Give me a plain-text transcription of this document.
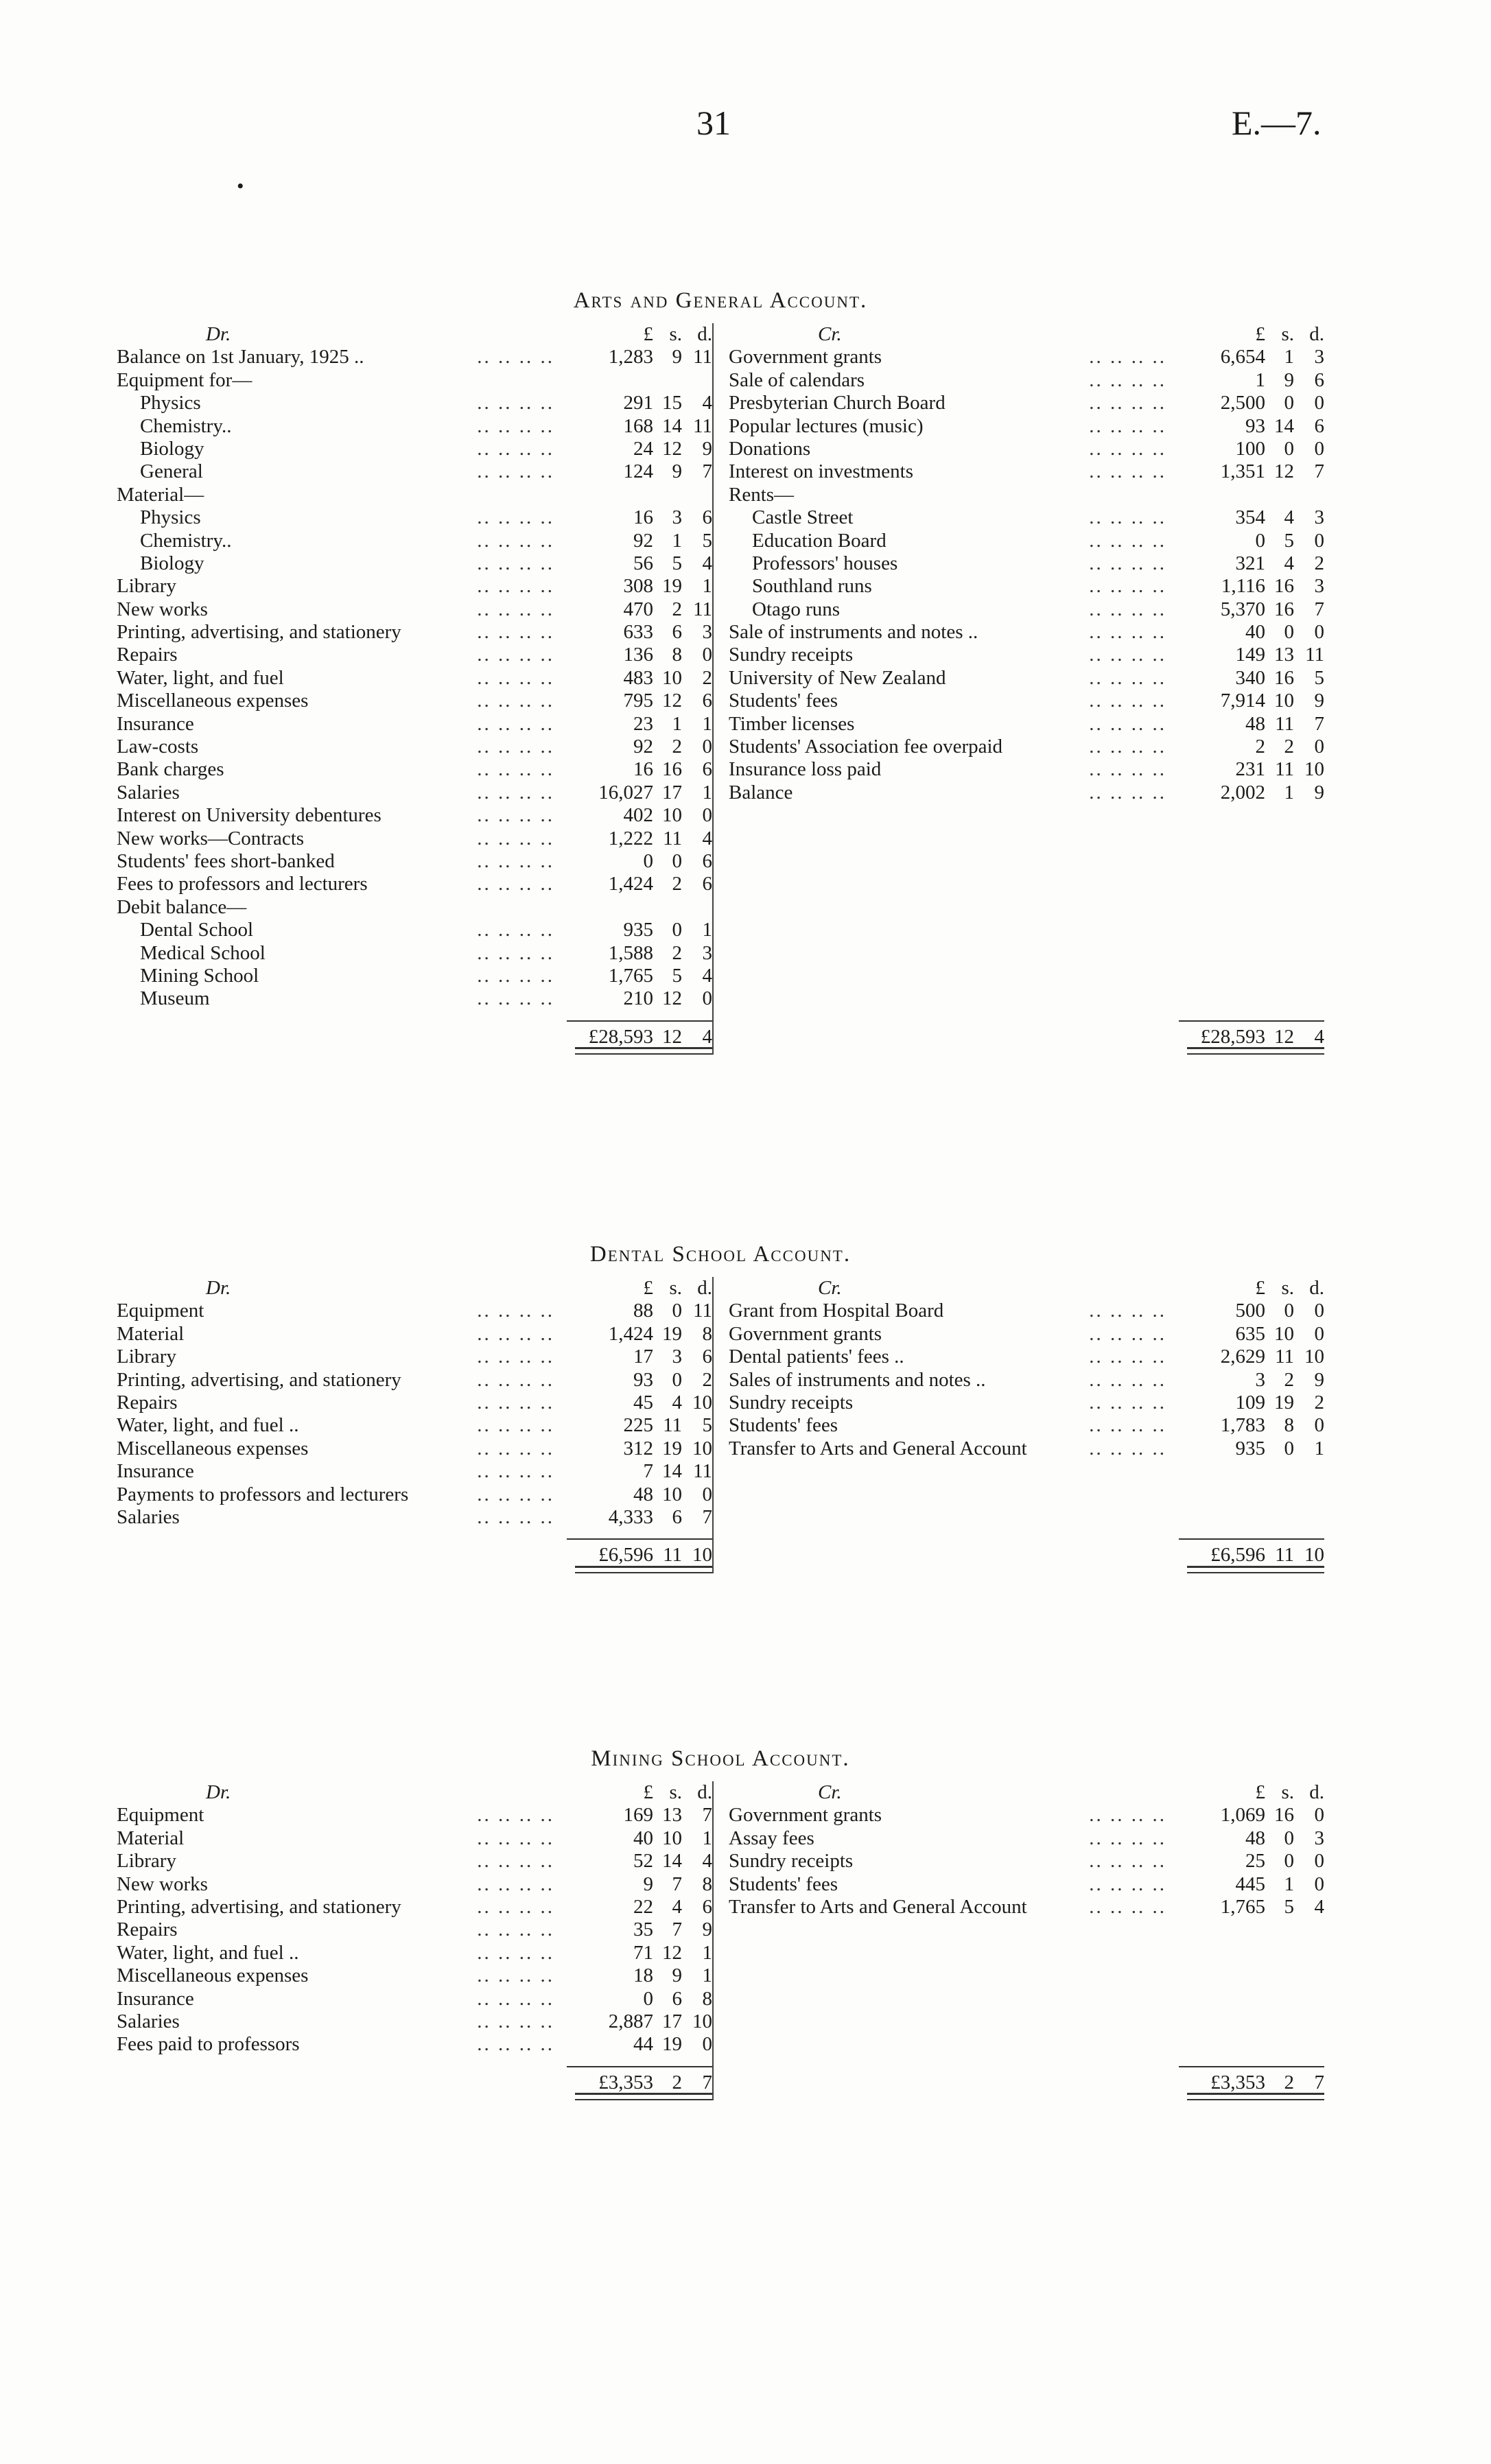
31	E.—7.
•
Arts and General Account.
Dr.	£ s. d.
Balance on 1st January, 1925 ..	.. .. .. ..	1,283 9 11
Equipment for—
Physics	.. .. .. ..	291 15	4
Chemistry..	.. .. .. ..	168 14 11
Biology	.. .. .. ..	24 12	9
General	.. .. .. ..	124 9	7
Material—
Physics	.. .. .. ..	16 3	6
Chemistry..	.. .. .. ..	92 1	5
Biology	.. .. .. ..	56 5	4
Library	.. .. .. ..	308 19	1
New works	.. .. .. ..	470 2 11
Printing, advertising, and stationery	.. .. .. ..	633 6	3
Repairs	.. .. .. ..	136 8	0
Water, light, and fuel	.. .. .. ..	483 10	2
Miscellaneous expenses	.. .. .. ..	795 12	6
Insurance	.. .. .. ..	23 1	1
Law-costs	.. .. .. ..	92 2	0
Bank charges	.. .. .. ..	16 16	6
Salaries	.. .. .. ..	16,027 17	1
Interest on University debentures	.. .. .. ..	402 10	0
New works—Contracts	.. .. .. ..	1,222 11	4
Students' fees short-banked	.. .. .. ..	0 0	6
Fees to professors and lecturers	.. .. .. ..	1,424 2	6
Debit balance—
Dental School	.. .. .. ..	935 0	1
Medical School	.. .. .. ..	1,588 2	3
Mining School	.. .. .. ..	1,765 5	4
Museum	.. .. .. ..	210 12	0
£28,593 12	4
Cr.	£ s. d.
Government grants	.. .. .. ..	6,654 1	3
Sale of calendars	.. .. .. ..	1 9	6
Presbyterian Church Board	.. .. .. ..	2,500 0	0
Popular lectures (music)	.. .. .. ..	93 14	6
Donations	.. .. .. ..	100 0	0
Interest on investments	.. .. .. ..	1,351 12	7
Rents—
Castle Street	.. .. .. ..	354 4	3
Education Board	.. .. .. ..	0 5	0
Professors' houses	.. .. .. ..	321 4	2
Southland runs	.. .. .. ..	1,116 16	3
Otago runs	.. .. .. ..	5,370 16	7
Sale of instruments and notes ..	.. .. .. ..	40 0	0
Sundry receipts	.. .. .. ..	149 13 11
University of New Zealand	.. .. .. ..	340 16	5
Students' fees	.. .. .. ..	7,914 10	9
Timber licenses	.. .. .. ..	48 11	7
Students' Association fee overpaid	.. .. .. ..	2 2	0
Insurance loss paid	.. .. .. ..	231 11 10
Balance	.. .. .. ..	2,002 1	9
£28,593 12	4
Dental School Account.
Dr.	£ s. d.
Equipment	.. .. .. ..	88 0 11
Material	.. .. .. ..	1,424 19	8
Library	.. .. .. ..	17 3	6
Printing, advertising, and stationery	.. .. .. ..	93 0	2
Repairs	.. .. .. ..	45 4 10
Water, light, and fuel ..	.. .. .. ..	225 11	5
Miscellaneous expenses	.. .. .. ..	312 19 10
Insurance	.. .. .. ..	7 14 11
Payments to professors and lecturers	.. .. .. ..	48 10	0
Salaries	.. .. .. ..	4,333 6	7
£6,596 11 10
Cr.	£ s. d.
Grant from Hospital Board	.. .. .. ..	500 0	0
Government grants	.. .. .. ..	635 10	0
Dental patients' fees ..	.. .. .. ..	2,629 11 10
Sales of instruments and notes ..	.. .. .. ..	3 2	9
Sundry receipts	.. .. .. ..	109 19	2
Students' fees	.. .. .. ..	1,783 8	0
Transfer to Arts and General Account	.. .. .. ..	935 0	1
£6,596 11 10
Mining School Account.
Dr.	£ s. d.
Equipment	.. .. .. ..	169 13	7
Material	.. .. .. ..	40 10	1
Library	.. .. .. ..	52 14	4
New works	.. .. .. ..	9 7	8
Printing, advertising, and stationery	.. .. .. ..	22 4	6
Repairs	.. .. .. ..	35 7	9
Water, light, and fuel ..	.. .. .. ..	71 12	1
Miscellaneous expenses	.. .. .. ..	18 9	1
Insurance	.. .. .. ..	0 6	8
Salaries	.. .. .. ..	2,887 17 10
Fees paid to professors	.. .. .. ..	44 19	0
£3,353 2	7
Cr.	£ s. d.
Government grants	.. .. .. ..	1,069 16	0
Assay fees	.. .. .. ..	48 0	3
Sundry receipts	.. .. .. ..	25 0	0
Students' fees	.. .. .. ..	445 1	0
Transfer to Arts and General Account	.. .. .. ..	1,765 5	4
£3,353 2	7
